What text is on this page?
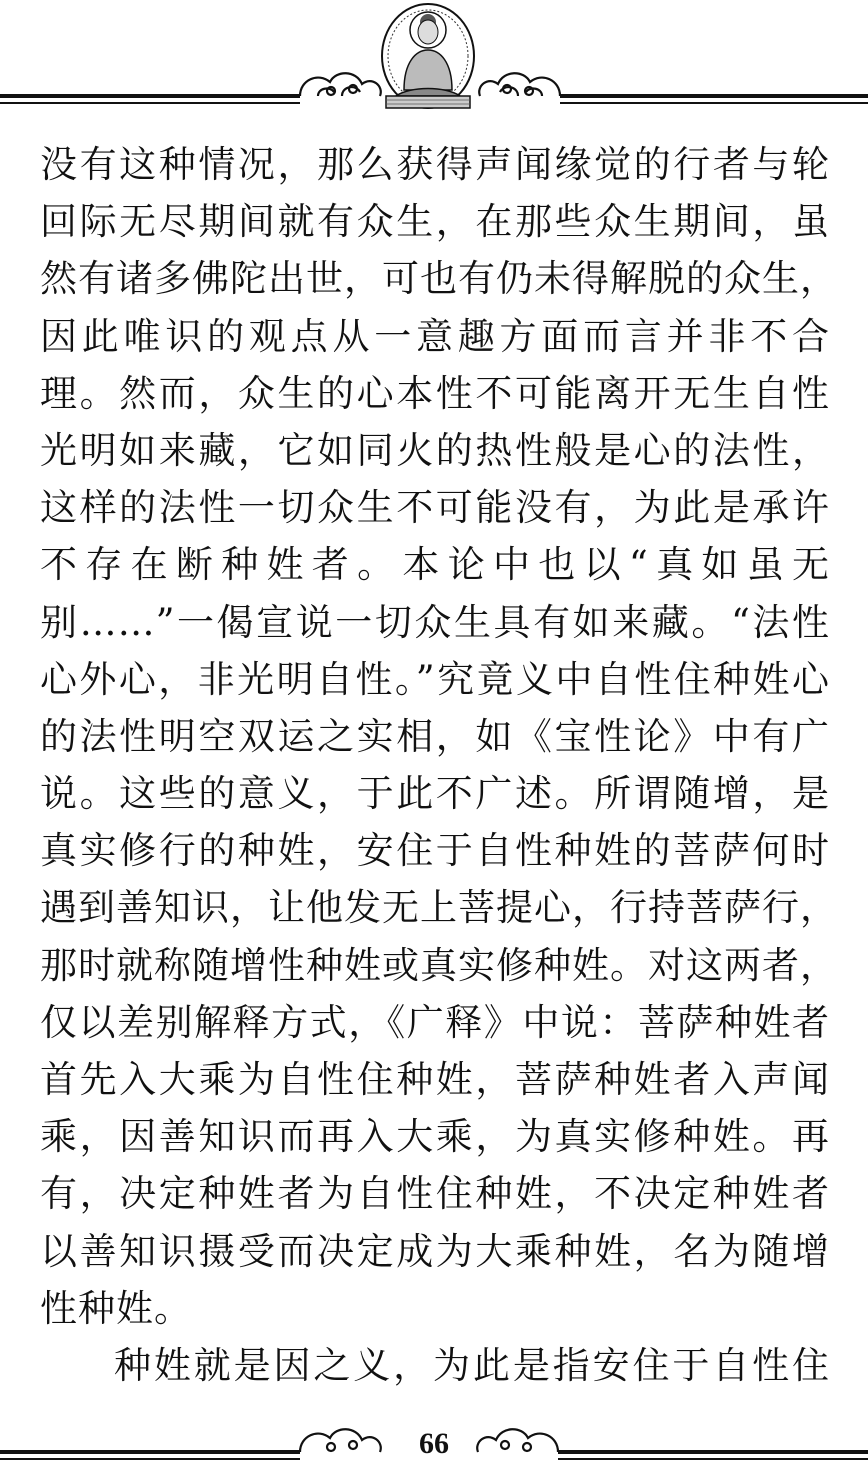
没有这种情况，那么获得声闻缘觉的行者与轮
回际无尽期间就有众生，在那些众生期间，虽
然有诸多佛陀出世，可也有仍未得解脱的众生，
因此唯识的观点从一意趣方面而言并非不合
理。然而，众生的心本性不可能离开无生自性
光明如来藏，它如同火的热性般是心的法性，
这样的法性一切众生不可能没有，为此是承许
不存在断种姓者。本论中也以“真如虽无
别……”一偈宣说一切众生具有如来藏。“法性
心外心，非光明自性。”究竟义中自性住种姓心
的法性明空双运之实相，如《宝性论》中有广
说。这些的意义，于此不广述。所谓随增，是
真实修行的种姓，安住于自性种姓的菩萨何时
遇到善知识，让他发无上菩提心，行持菩萨行，
那时就称随增性种姓或真实修种姓。对这两者，
仅以差别解释方式，《广释》中说：菩萨种姓者
首先入大乘为自性住种姓，菩萨种姓者入声闻
乘，因善知识而再入大乘，为真实修种姓。再
有，决定种姓者为自性住种姓，不决定种姓者
以善知识摄受而决定成为大乘种姓，名为随增
性种姓。

种姓就是因之义，为此是指安住于自性住

66
